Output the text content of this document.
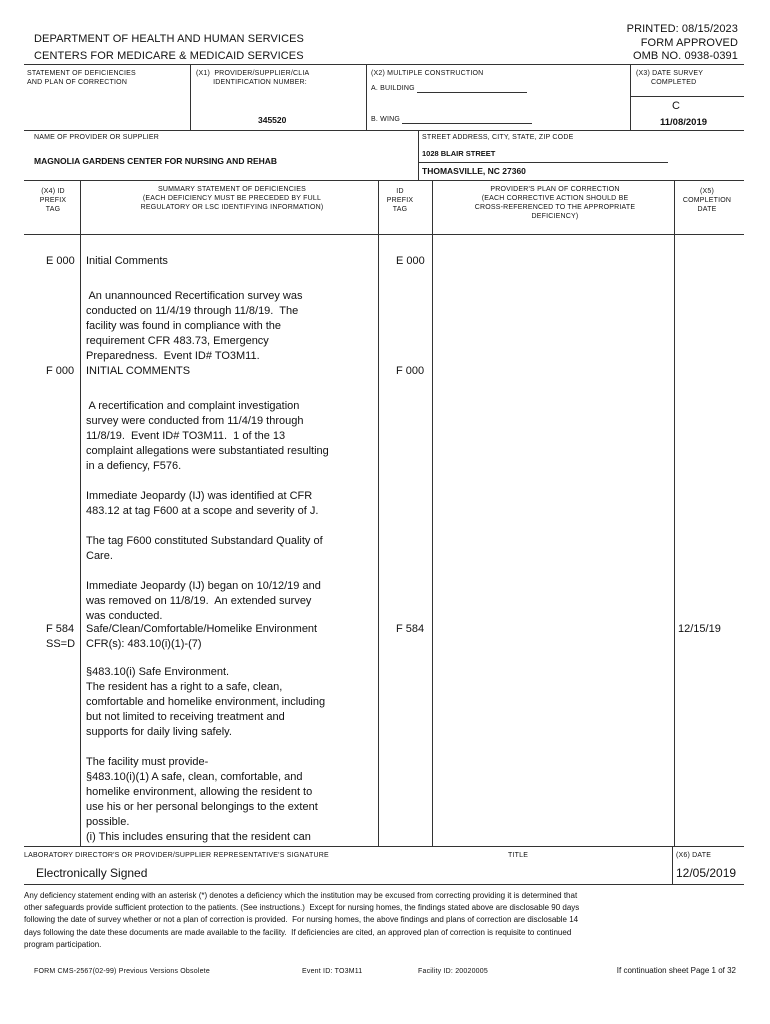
DEPARTMENT OF HEALTH AND HUMAN SERVICES
CENTERS FOR MEDICARE & MEDICAID SERVICES
PRINTED: 08/15/2023
FORM APPROVED
OMB NO. 0938-0391
STATEMENT OF DEFICIENCIES
AND PLAN OF CORRECTION
(X1)  PROVIDER/SUPPLIER/CLIA
IDENTIFICATION NUMBER:
345520
(X2) MULTIPLE CONSTRUCTION
A. BUILDING
B. WING
(X3) DATE SURVEY
COMPLETED
C
11/08/2019
NAME OF PROVIDER OR SUPPLIER
MAGNOLIA GARDENS CENTER FOR NURSING AND REHAB
STREET ADDRESS, CITY, STATE, ZIP CODE
1028 BLAIR STREET
THOMASVILLE, NC 27360
(X4) ID
PREFIX
TAG
SUMMARY STATEMENT OF DEFICIENCIES
(EACH DEFICIENCY MUST BE PRECEDED BY FULL
REGULATORY OR LSC IDENTIFYING INFORMATION)
ID
PREFIX
TAG
PROVIDER'S PLAN OF CORRECTION
(EACH CORRECTIVE ACTION SHOULD BE
CROSS-REFERENCED TO THE APPROPRIATE
DEFICIENCY)
(X5)
COMPLETION
DATE
E 000 Initial Comments	E 000
An unannounced Recertification survey was
conducted on 11/4/19 through 11/8/19.  The
facility was found in compliance with the
requirement CFR 483.73, Emergency
Preparedness.  Event ID# TO3M11.
F 000 INITIAL COMMENTS	F 000
A recertification and complaint investigation
survey were conducted from 11/4/19 through
11/8/19.  Event ID# TO3M11.  1 of the 13
complaint allegations were substantiated resulting
in a defiency, F576.

Immediate Jeopardy (IJ) was identified at CFR
483.12 at tag F600 at a scope and severity of J.

The tag F600 constituted Substandard Quality of
Care.

Immediate Jeopardy (IJ) began on 10/12/19 and
was removed on 11/8/19.  An extended survey
was conducted.
F 584
SS=D
Safe/Clean/Comfortable/Homelike Environment
CFR(s): 483.10(i)(1)-(7)
F 584	12/15/19
§483.10(i) Safe Environment.
The resident has a right to a safe, clean,
comfortable and homelike environment, including
but not limited to receiving treatment and
supports for daily living safely.

The facility must provide-
§483.10(i)(1) A safe, clean, comfortable, and
homelike environment, allowing the resident to
use his or her personal belongings to the extent
possible.
(i) This includes ensuring that the resident can
LABORATORY DIRECTOR'S OR PROVIDER/SUPPLIER REPRESENTATIVE'S SIGNATURE	TITLE	(X6) DATE
Electronically Signed	12/05/2019
Any deficiency statement ending with an asterisk (*) denotes a deficiency which the institution may be excused from correcting providing it is determined that
other safeguards provide sufficient protection to the patients. (See instructions.)  Except for nursing homes, the findings stated above are disclosable 90 days
following the date of survey whether or not a plan of correction is provided.  For nursing homes, the above findings and plans of correction are disclosable 14
days following the date these documents are made available to the facility.  If deficiencies are cited, an approved plan of correction is requisite to continued
program participation.
FORM CMS-2567(02-99) Previous Versions Obsolete	Event ID: TO3M11	Facility ID: 20020005	If continuation sheet Page 1 of 32
